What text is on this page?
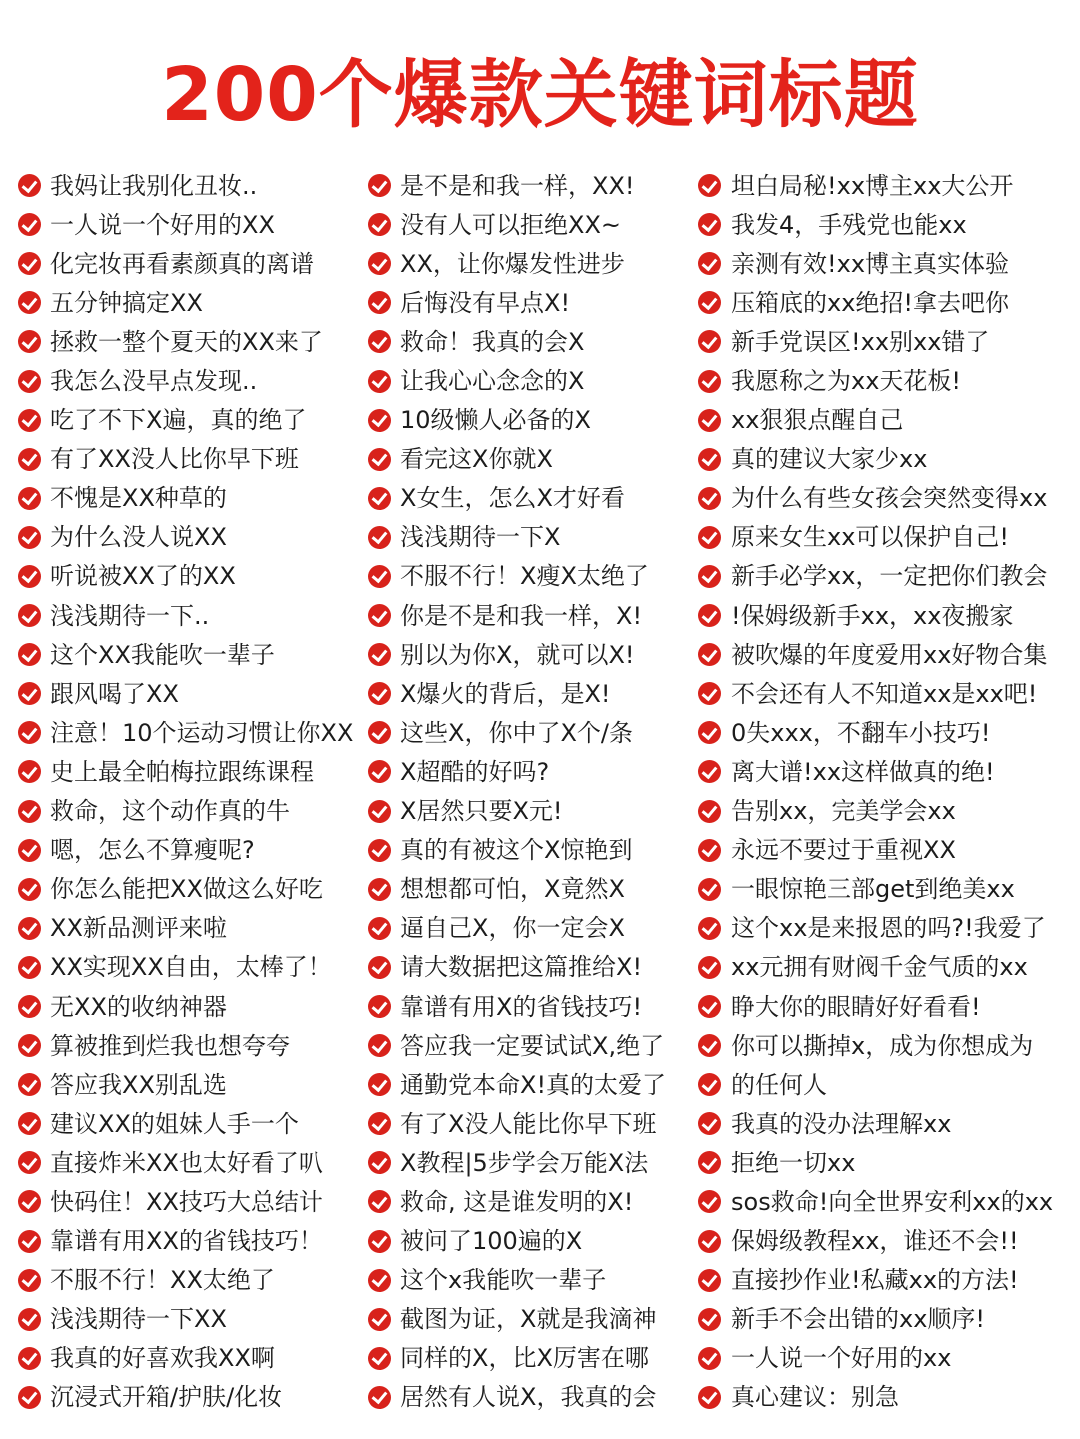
200个爆款关键词标题
我妈让我别化丑妆..
一人说一个好用的XX
化完妆再看素颜真的离谱
五分钟搞定XX
拯救一整个夏天的XX来了
我怎么没早点发现..
吃了不下X遍，真的绝了
有了XX没人比你早下班
不愧是XX种草的
为什么没人说XX
听说被XX了的XX
浅浅期待一下..
这个XX我能吹一辈子
跟风喝了XX
注意！10个运动习惯让你XX
史上最全帕梅拉跟练课程
救命，这个动作真的牛
嗯，怎么不算瘦呢?
你怎么能把XX做这么好吃
XX新品测评来啦
XX实现XX自由，太棒了！
无XX的收纳神器
算被推到烂我也想夸夸
答应我XX别乱选
建议XX的姐妹人手一个
直接炸米XX也太好看了叭
快码住！XX技巧大总结计
靠谱有用XX的省钱技巧！
不服不行！XX太绝了
浅浅期待一下XX
我真的好喜欢我XX啊
沉浸式开箱/护肤/化妆
是不是和我一样，XX!
没有人可以拒绝XX~
XX，让你爆发性进步
后悔没有早点X!
救命！我真的会X
让我心心念念的X
10级懒人必备的X
看完这X你就X
X女生，怎么X才好看
浅浅期待一下X
不服不行！X瘦X太绝了
你是不是和我一样，X!
别以为你X，就可以X!
X爆火的背后，是X!
这些X，你中了X个/条
X超酷的好吗?
X居然只要X元!
真的有被这个X惊艳到
想想都可怕，X竟然X
逼自己X，你一定会X
请大数据把这篇推给X!
靠谱有用X的省钱技巧!
答应我一定要试试X,绝了
通勤党本命X!真的太爱了
有了X没人能比你早下班
X教程|5步学会万能X法
救命, 这是谁发明的X!
被问了100遍的X
这个x我能吹一辈子
截图为证，X就是我滴神
同样的X，比X厉害在哪
居然有人说X，我真的会
坦白局秘!xx博主xx大公开
我发4，手残党也能xx
亲测有效!xx博主真实体验
压箱底的xx绝招!拿去吧你
新手党误区!xx别xx错了
我愿称之为xx天花板!
xx狠狠点醒自己
真的建议大家少xx
为什么有些女孩会突然变得xx
原来女生xx可以保护自己!
新手必学xx，一定把你们教会
!保姆级新手xx，xx夜搬家
被吹爆的年度爱用xx好物合集
不会还有人不知道xx是xx吧!
0失xxx，不翻车小技巧!
离大谱!xx这样做真的绝!
告别xx，完美学会xx
永远不要过于重视XX
一眼惊艳三部get到绝美xx
这个xx是来报恩的吗?!我爱了
xx元拥有财阀千金气质的xx
睁大你的眼睛好好看看!
你可以撕掉x，成为你想成为
的任何人
我真的没办法理解xx
拒绝一切xx
sos救命!向全世界安利xx的xx
保姆级教程xx，谁还不会!!
直接抄作业!私藏xx的方法!
新手不会出错的xx顺序!
一人说一个好用的xx
真心建议：别急
